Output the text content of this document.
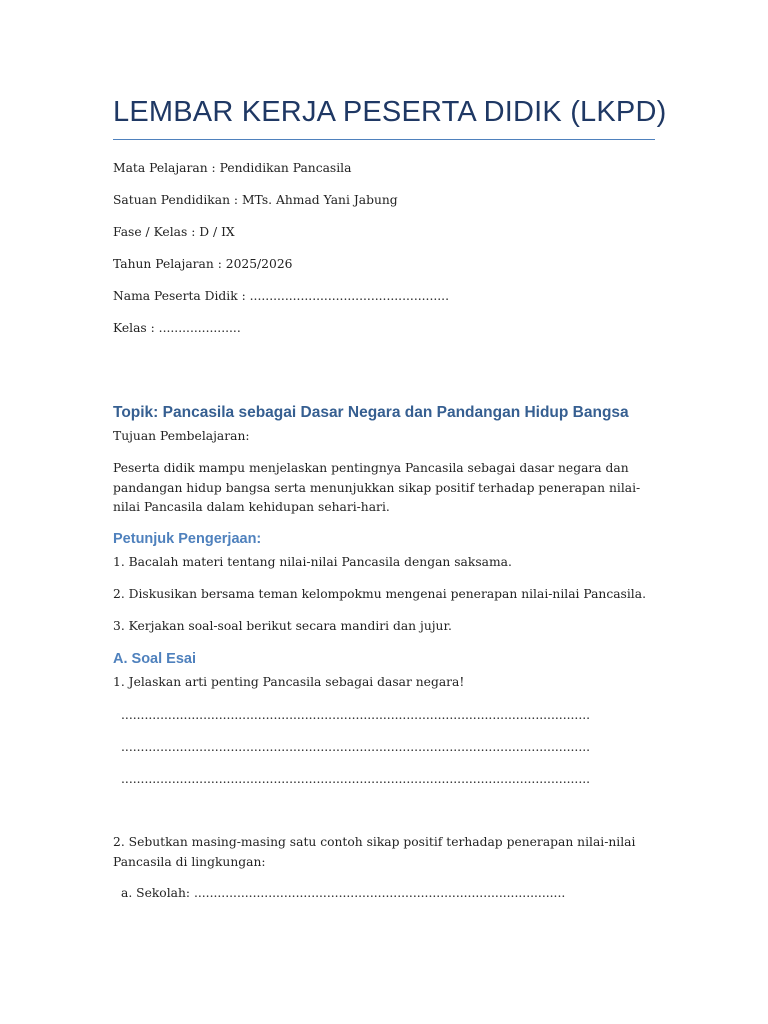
LEMBAR KERJA PESERTA DIDIK (LKPD)
Mata Pelajaran : Pendidikan Pancasila
Satuan Pendidikan : MTs. Ahmad Yani Jabung
Fase / Kelas : D / IX
Tahun Pelajaran : 2025/2026
Nama Peserta Didik : ...................................................
Kelas : .....................
Topik: Pancasila sebagai Dasar Negara dan Pandangan Hidup Bangsa
Tujuan Pembelajaran:
Peserta didik mampu menjelaskan pentingnya Pancasila sebagai dasar negara dan pandangan hidup bangsa serta menunjukkan sikap positif terhadap penerapan nilai-nilai Pancasila dalam kehidupan sehari-hari.
Petunjuk Pengerjaan:
1. Bacalah materi tentang nilai-nilai Pancasila dengan saksama.
2. Diskusikan bersama teman kelompokmu mengenai penerapan nilai-nilai Pancasila.
3. Kerjakan soal-soal berikut secara mandiri dan jujur.
A. Soal Esai
1. Jelaskan arti penting Pancasila sebagai dasar negara!
........................................................................................................................
........................................................................................................................
........................................................................................................................
2. Sebutkan masing-masing satu contoh sikap positif terhadap penerapan nilai-nilai Pancasila di lingkungan:
a. Sekolah: ...............................................................................................
